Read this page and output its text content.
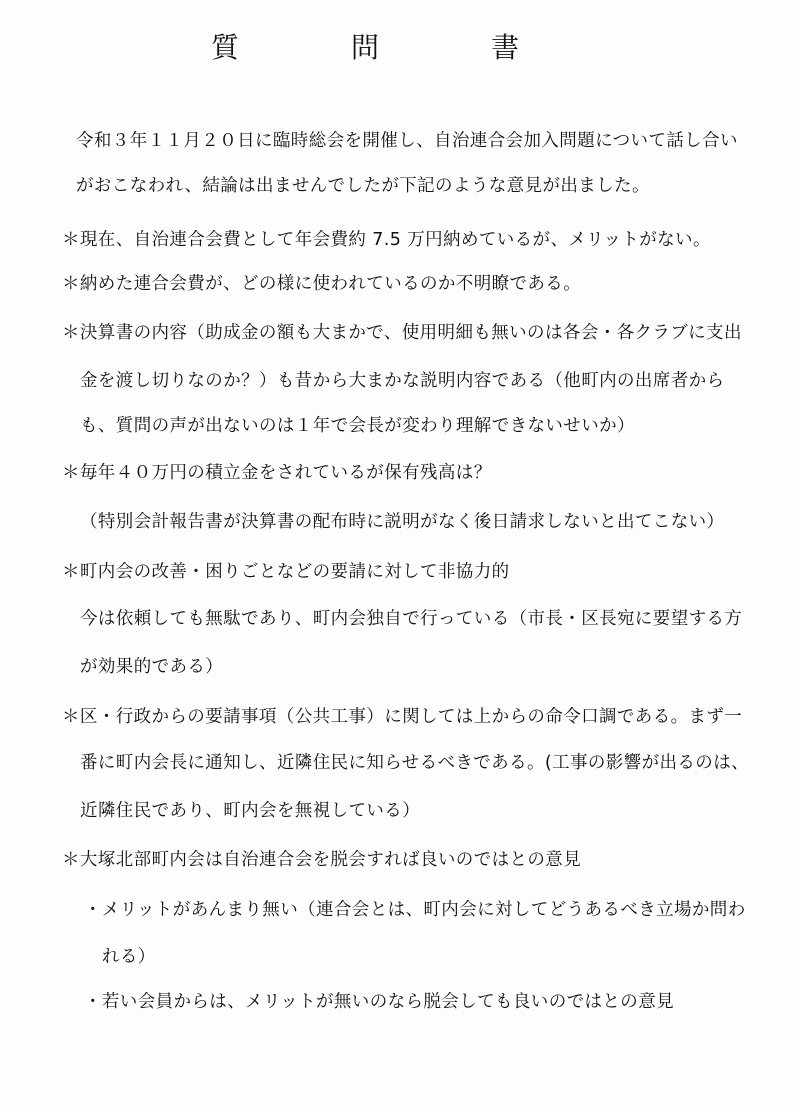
質　問　書
令和３年１１月２０日に臨時総会を開催し、自治連合会加入問題について話し合い
がおこなわれ、結論は出ませんでしたが下記のような意見が出ました。
＊現在、自治連合会費として年会費約 7.5 万円納めているが、メリットがない。
＊納めた連合会費が、どの様に使われているのか不明瞭である。
＊決算書の内容（助成金の額も大まかで、使用明細も無いのは各会・各クラブに支出
金を渡し切りなのか？）も昔から大まかな説明内容である（他町内の出席者から
も、質問の声が出ないのは１年で会長が変わり理解できないせいか）
＊毎年４０万円の積立金をされているが保有残高は？
（特別会計報告書が決算書の配布時に説明がなく後日請求しないと出てこない）
＊町内会の改善・困りごとなどの要請に対して非協力的
今は依頼しても無駄であり、町内会独自で行っている（市長・区長宛に要望する方
が効果的である）
＊区・行政からの要請事項（公共工事）に関しては上からの命令口調である。まず一
番に町内会長に通知し、近隣住民に知らせるべきである。(工事の影響が出るのは、
近隣住民であり、町内会を無視している）
＊大塚北部町内会は自治連合会を脱会すれば良いのではとの意見
・メリットがあんまり無い（連合会とは、町内会に対してどうあるべき立場か問わ
れる）
・若い会員からは、メリットが無いのなら脱会しても良いのではとの意見
